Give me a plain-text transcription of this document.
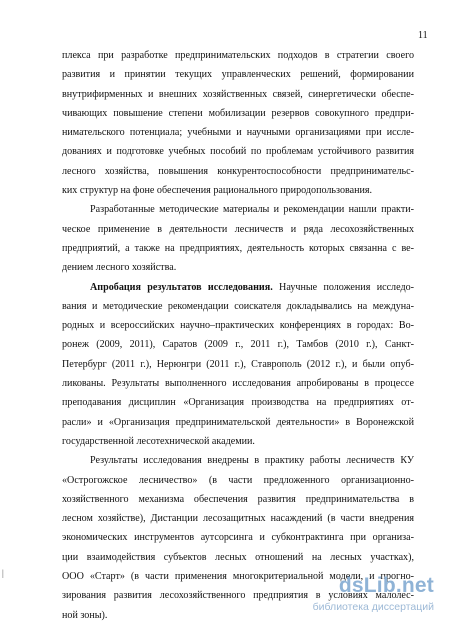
11
плекса при разработке предпринимательских подходов в стратегии своего
развития и принятии текущих управленческих решений, формировании
внутрифирменных и внешних хозяйственных связей, синергетически обеспе-
чивающих повышение степени мобилизации резервов совокупного предпри-
нимательского потенциала; учебными и научными организациями при иссле-
дованиях и подготовке учебных пособий по проблемам устойчивого развития
лесного хозяйства, повышения конкурентоспособности предпринимательс-
ких структур на фоне обеспечения рационального природопользования.
Разработанные методические материалы и рекомендации нашли практи-
ческое применение в деятельности лесничеств и ряда лесохозяйственных
предприятий, а также на предприятиях, деятельность которых связанна с ве-
дением лесного хозяйства.
Апробация результатов исследования. Научные положения исследо-
вания и методические рекомендации соискателя докладывались на междуна-
родных и всероссийских научно–практических конференциях в городах: Во-
ронеж (2009, 2011), Саратов (2009 г., 2011 г.), Тамбов (2010 г.), Санкт-
Петербург (2011 г.), Нерюнгри (2011 г.), Ставрополь (2012 г.), и были опуб-
ликованы. Результаты выполненного исследования апробированы в процессе
преподавания дисциплин «Организация производства на предприятиях от-
расли» и «Организация предпринимательской деятельности» в Воронежской
государственной лесотехнической академии.
Результаты исследования внедрены в практику работы лесничеств КУ
«Острогожское лесничество» (в части предложенного организационно-
хозяйственного механизма обеспечения развития предпринимательства в
лесном хозяйстве), Дистанции лесозащитных насаждений (в части внедрения
экономических инструментов аутсорсинга и субконтрактинга при организа-
ции взаимодействия субъектов лесных отношений на лесных участках),
ООО «Старт» (в части применения многокритериальной модели, и прогно-
зирования развития лесохозяйственного предприятия в условиях малолес-
ной зоны).
|
dsLib.net
библиотека диссертаций
